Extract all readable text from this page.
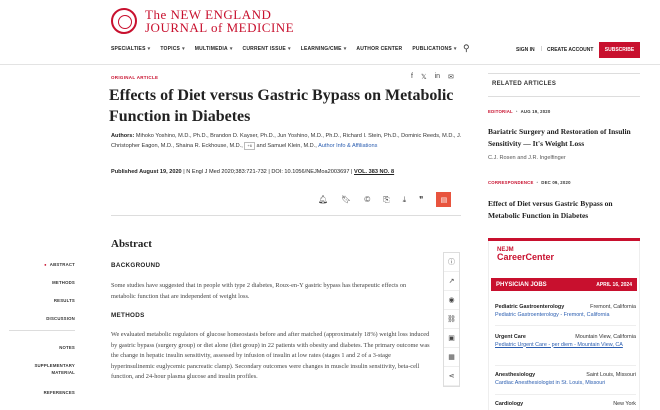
The NEW ENGLAND
JOURNAL of MEDICINE
SPECIALTIES ▾ TOPICS ▾ MULTIMEDIA ▾ CURRENT ISSUE ▾ LEARNING/CME ▾ AUTHOR CENTER PUBLICATIONS ▾ ⚲	SIGN IN | CREATE ACCOUNT	SUBSCRIBE
ORIGINAL ARTICLE	f 𝕏 in ✉
Effects of Diet versus Gastric Bypass on Metabolic Function in Diabetes
Authors: Mihoko Yoshino, M.D., Ph.D., Brandon D. Kayser, Ph.D., Jun Yoshino, M.D., Ph.D., Richard I. Stein, Ph.D., Dominic Reeds, M.D., J. Christopher Eagon, M.D., Shaina R. Eckhouse, M.D., +6 and Samuel Klein, M.D., Author Info & Affiliations
Published August 19, 2020 | N Engl J Med 2020;383:721-732 | DOI: 10.1056/NEJMoa2003697 | VOL. 383 NO. 8
🔔︎ 🔖︎ © ⎘ ⤓ ❞	▤
Abstract
BACKGROUND

Some studies have suggested that in people with type 2 diabetes, Roux-en-Y gastric bypass has therapeutic effects on metabolic function that are independent of weight loss.

METHODS

We evaluated metabolic regulators of glucose homeostasis before and after matched (approximately 18%) weight loss induced by gastric bypass (surgery group) or diet alone (diet group) in 22 patients with obesity and diabetes. The primary outcome was the change in hepatic insulin sensitivity, assessed by infusion of insulin at low rates (stages 1 and 2 of a 3-stage hyperinsulinemic euglycemic pancreatic clamp). Secondary outcomes were changes in muscle insulin sensitivity, beta-cell function, and 24-hour plasma glucose and insulin profiles.

● ABSTRACT
METHODS
RESULTS
DISCUSSION
NOTES
SUPPLEMENTARY MATERIAL
REFERENCES
ⓘ
↗
◉
⛓
▣
▦
⋖
RELATED ARTICLES
EDITORIAL • AUG 19, 2020
Bariatric Surgery and Restoration of Insulin Sensitivity — It's Weight Loss
C.J. Rosen and J.R. Ingelfinger
CORRESPONDENCE • DEC 09, 2020
Effect of Diet versus Gastric Bypass on Metabolic Function in Diabetes
NEJM
CareerCenter
PHYSICIAN JOBS	APRIL 16, 2024
Pediatric Gastroenterology	Fremont, California
Pediatric Gastroenterology - Fremont, California
Urgent Care	Mountain View, California
Pediatric Urgent Care - per diem - Mountain View, CA
Anesthesiology	Saint Louis, Missouri
Cardiac Anesthesiologist in St. Louis, Missouri
Cardiology	New York
